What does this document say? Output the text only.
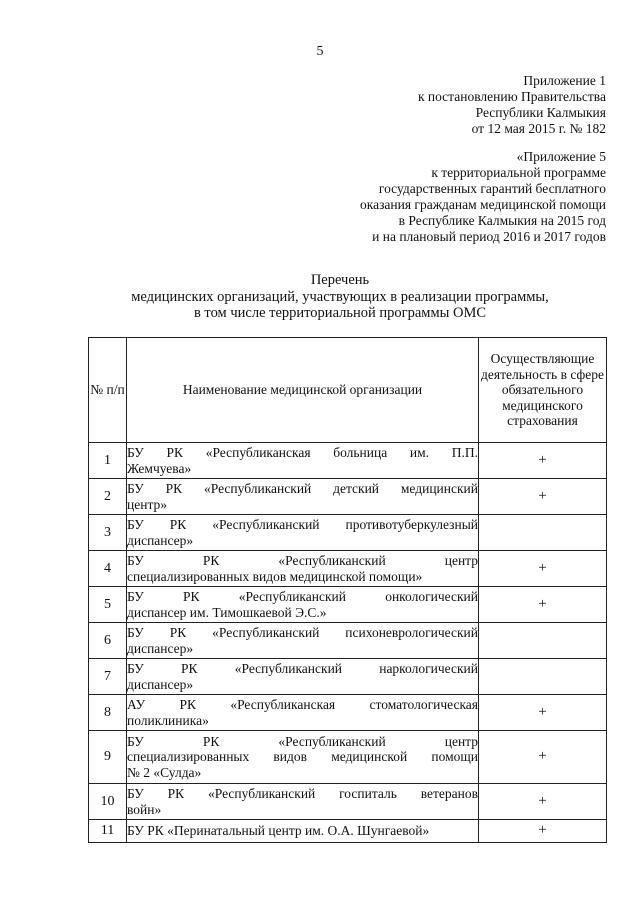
5
Приложение 1
к постановлению Правительства
Республики Калмыкия
от 12 мая 2015 г. № 182
«Приложение 5
к территориальной программе
государственных гарантий бесплатного
оказания гражданам медицинской помощи
в Республике Калмыкия на 2015 год
и на плановый период 2016 и 2017 годов
Перечень
медицинских организаций, участвующих в реализации программы,
в том числе территориальной программы ОМС
№ п/п	Наименование медицинской организации	Осуществляющие деятельность в сфере обязательного медицинского страхования
1	БУ РК «Республиканская больница им. П.П.
Жемчуева»	+
2	БУ РК «Республиканский детский медицинский
центр»	+
3	БУ РК «Республиканский противотуберкулезный
диспансер»	

4	БУ РК «Республиканский центр
специализированных видов медицинской помощи»	+
5	БУ РК «Республиканский онкологический
диспансер им. Тимошкаевой Э.С.»	+
6	БУ РК «Республиканский психоневрологический
диспансер»	

7	БУ РК «Республиканский наркологический
диспансер»	

8	АУ РК «Республиканская стоматологическая
поликлиника»	+
9	БУ РК «Республиканский центр
специализированных видов медицинской помощи
№ 2 «Сулда»	+
10	БУ РК «Республиканский госпиталь ветеранов
войн»	+
11	БУ РК «Перинатальный центр им. О.А. Шунгаевой»	+
